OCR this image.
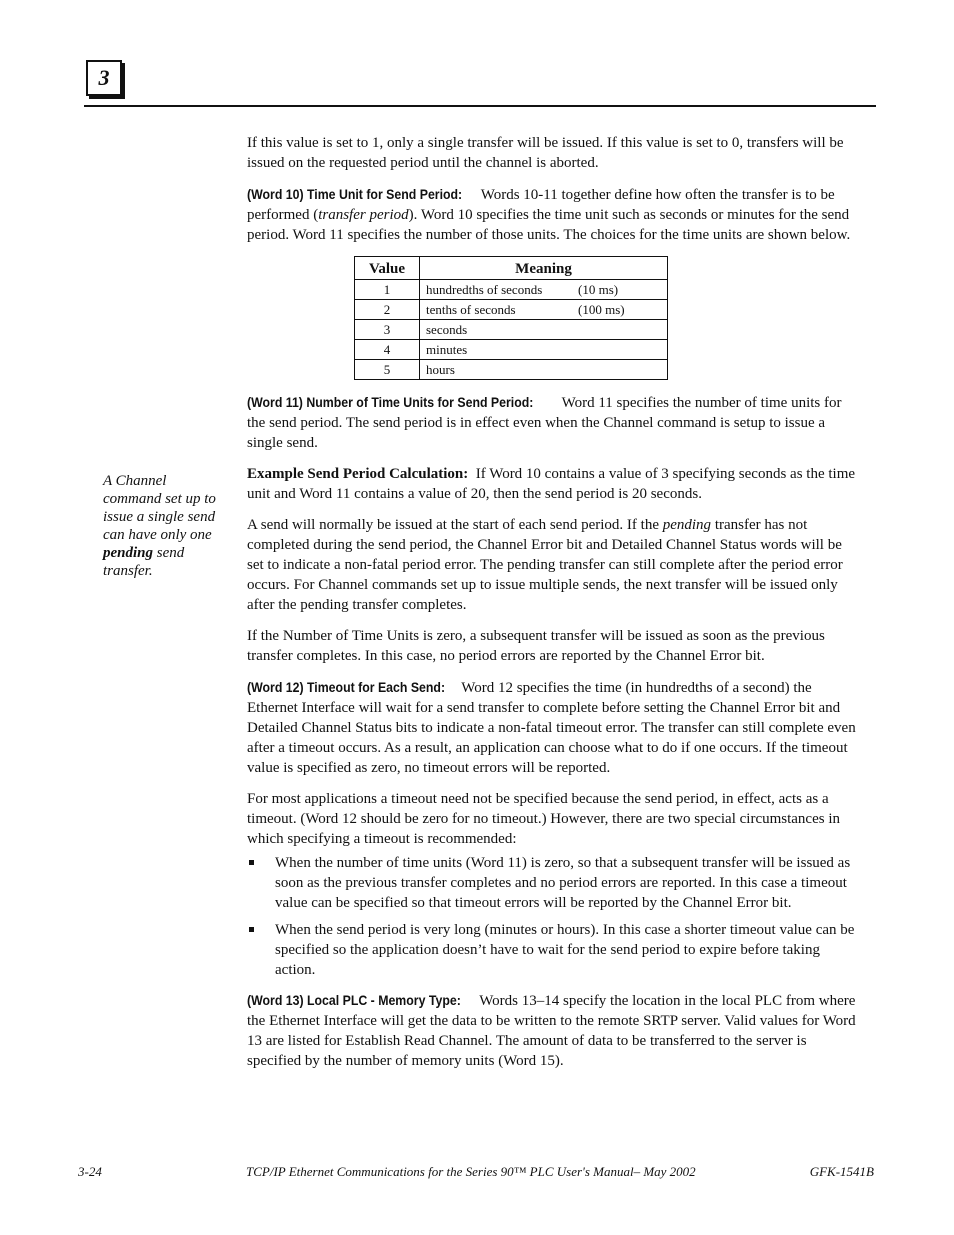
3
A Channel command set up to issue a single send can have only one pending send transfer.

If this value is set to 1, only a single transfer will be issued. If this value is set to 0, transfers will be issued on the requested period until the channel is aborted.

(Word 10) Time Unit for Send Period: Words 10-11 together define how often the transfer is to be performed (transfer period). Word 10 specifies the time unit such as seconds or minutes for the send period. Word 11 specifies the number of those units. The choices for the time units are shown below.

Value	Meaning
1	hundredths of seconds (10 ms)
2	tenths of seconds (100 ms)
3	seconds
4	minutes
5	hours

(Word 11) Number of Time Units for Send Period: Word 11 specifies the number of time units for the send period. The send period is in effect even when the Channel command is setup to issue a single send.

Example Send Period Calculation: If Word 10 contains a value of 3 specifying seconds as the time unit and Word 11 contains a value of 20, then the send period is 20 seconds.

A send will normally be issued at the start of each send period. If the pending transfer has not completed during the send period, the Channel Error bit and Detailed Channel Status words will be set to indicate a non-fatal period error. The pending transfer can still complete after the period error occurs. For Channel commands set up to issue multiple sends, the next transfer will be issued only after the pending transfer completes.

If the Number of Time Units is zero, a subsequent transfer will be issued as soon as the previous transfer completes. In this case, no period errors are reported by the Channel Error bit.

(Word 12) Timeout for Each Send: Word 12 specifies the time (in hundredths of a second) the Ethernet Interface will wait for a send transfer to complete before setting the Channel Error bit and Detailed Channel Status bits to indicate a non-fatal timeout error. The transfer can still complete even after a timeout occurs. As a result, an application can choose what to do if one occurs. If the timeout value is specified as zero, no timeout errors will be reported.

For most applications a timeout need not be specified because the send period, in effect, acts as a timeout. (Word 12 should be zero for no timeout.) However, there are two special circumstances in which specifying a timeout is recommended:

When the number of time units (Word 11) is zero, so that a subsequent transfer will be issued as soon as the previous transfer completes and no period errors are reported. In this case a timeout value can be specified so that timeout errors will be reported by the Channel Error bit.
When the send period is very long (minutes or hours). In this case a shorter timeout value can be specified so the application doesn’t have to wait for the send period to expire before taking action.

(Word 13) Local PLC - Memory Type: Words 13–14 specify the location in the local PLC from where the Ethernet Interface will get the data to be written to the remote SRTP server. Valid values for Word 13 are listed for Establish Read Channel. The amount of data to be transferred to the server is specified by the number of memory units (Word 15).

3-24	TCP/IP Ethernet Communications for the Series 90™ PLC User's Manual– May 2002	GFK-1541B
